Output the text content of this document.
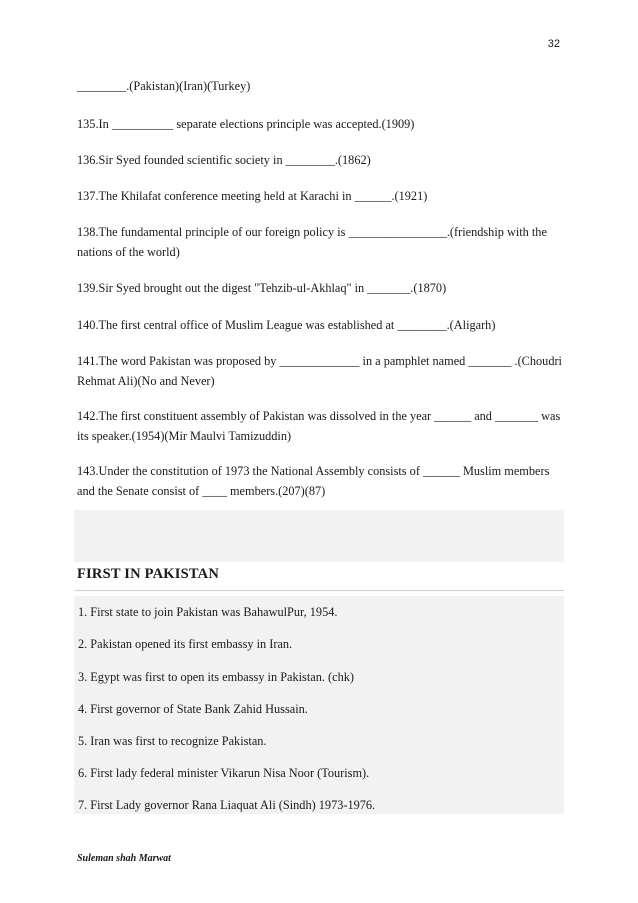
32
________.(Pakistan)(Iran)(Turkey)
135.In __________ separate elections principle was accepted.(1909)
136.Sir Syed founded scientific society in ________.(1862)
137.The Khilafat conference meeting held at Karachi in ______.(1921)
138.The fundamental principle of our foreign policy is ________________.(friendship with the nations of the world)
139.Sir Syed brought out the digest "Tehzib-ul-Akhlaq" in _______.(1870)
140.The first central office of Muslim League was established at ________.(Aligarh)
141.The word Pakistan was proposed by _____________ in a pamphlet named _______ .(Choudri Rehmat Ali)(No and Never)
142.The first constituent assembly of Pakistan was dissolved in the year ______ and _______ was its speaker.(1954)(Mir Maulvi Tamizuddin)
143.Under the constitution of 1973 the National Assembly consists of ______ Muslim members and the Senate consist of ____ members.(207)(87)
FIRST IN PAKISTAN
1. First state to join Pakistan was BahawulPur, 1954.
2. Pakistan opened its first embassy in Iran.
3. Egypt was first to open its embassy in Pakistan. (chk)
4. First governor of State Bank Zahid Hussain.
5. Iran was first to recognize Pakistan.
6. First lady federal minister Vikarun Nisa Noor (Tourism).
7. First Lady governor Rana Liaquat Ali (Sindh) 1973-1976.
Suleman shah Marwat
